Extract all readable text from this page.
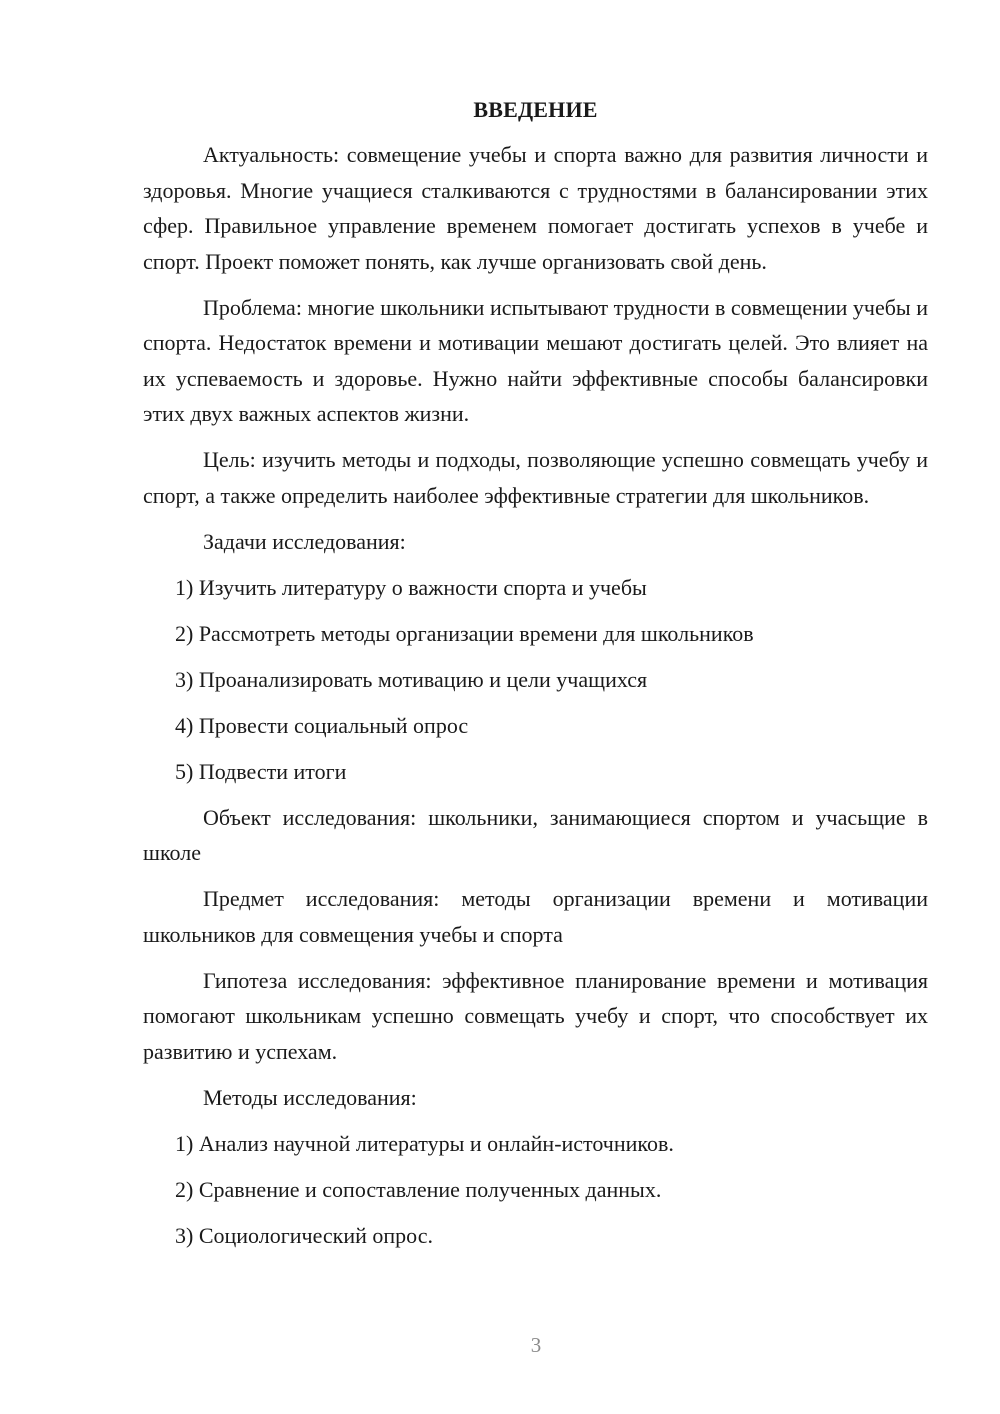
ВВЕДЕНИЕ

Актуальность: совмещение учебы и спорта важно для развития личности и здоровья. Многие учащиеся сталкиваются с трудностями в балансировании этих сфер. Правильное управление временем помогает достигать успехов в учебе и спорт. Проект поможет понять, как лучше организовать свой день.

Проблема: многие школьники испытывают трудности в совмещении учебы и спорта. Недостаток времени и мотивации мешают достигать целей. Это влияет на их успеваемость и здоровье. Нужно найти эффективные способы балансировки этих двух важных аспектов жизни.

Цель: изучить методы и подходы, позволяющие успешно совмещать учебу и спорт, а также определить наиболее эффективные стратегии для школьников.

Задачи исследования:

1) Изучить литературу о важности спорта и учебы

2) Рассмотреть методы организации времени для школьников

3) Проанализировать мотивацию и цели учащихся

4) Провести социальный опрос

5) Подвести итоги

Объект исследования: школьники, занимающиеся спортом и учасьщие в школе

Предмет исследования: методы организации времени и мотивации школьников для совмещения учебы и спорта

Гипотеза исследования: эффективное планирование времени и мотивация помогают школьникам успешно совмещать учебу и спорт, что способствует их развитию и успехам.

Методы исследования:

1) Анализ научной литературы и онлайн-источников.

2) Сравнение и сопоставление полученных данных.

3) Социологический опрос.

3
